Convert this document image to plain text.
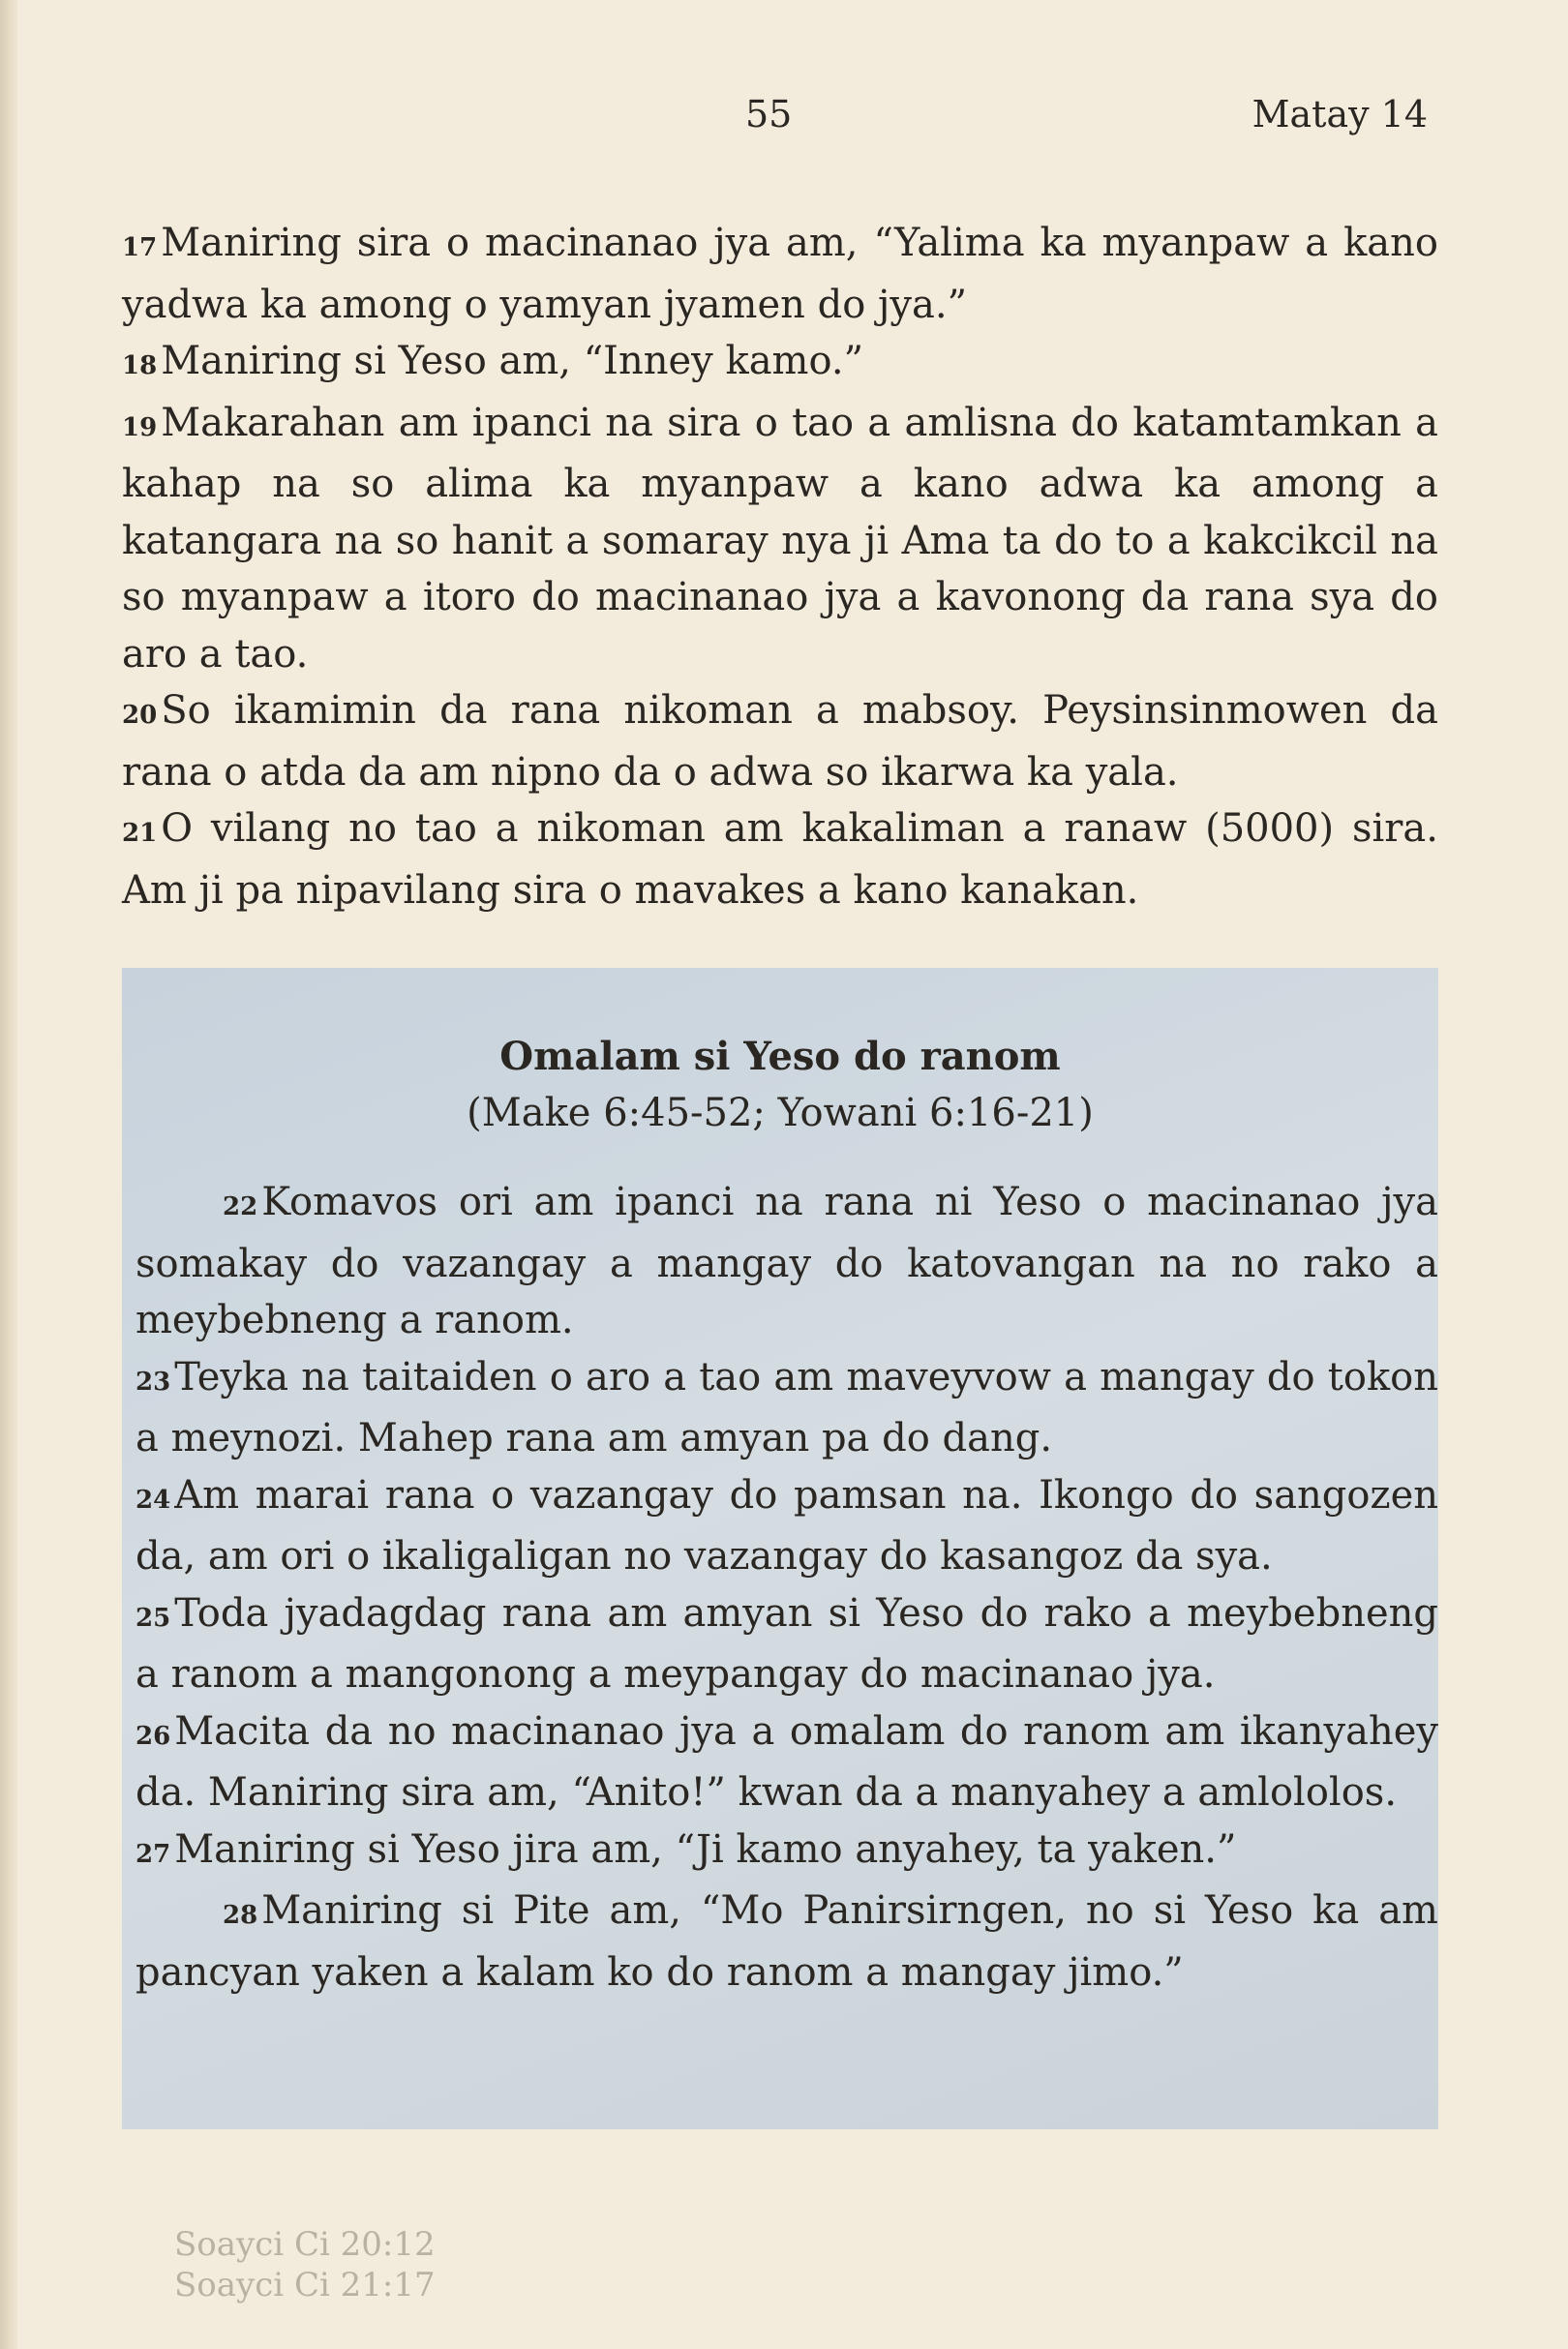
55	Matay 14

17 Maniring sira o macinanao jya am, “Yalima ka myanpaw a kano yadwa ka among o yamyan jyamen do jya.”

18 Maniring si Yeso am, “Inney kamo.”

19 Makarahan am ipanci na sira o tao a amlisna do katamtamkan a kahap na so alima ka myanpaw a kano adwa ka among a katangara na so hanit a somaray nya ji Ama ta do to a kakcikcil na so myanpaw a itoro do macinanao jya a kavonong da rana sya do aro a tao.

20 So ikamimin da rana nikoman a mabsoy. Peysinsinmowen da rana o atda da am nipno da o adwa so ikarwa ka yala.

21 O vilang no tao a nikoman am kakaliman a ranaw (5000) sira. Am ji pa nipavilang sira o mavakes a kano kanakan.

Omalam si Yeso do ranom
(Make 6:45-52; Yowani 6:16-21)

22 Komavos ori am ipanci na rana ni Yeso o macinanao jya somakay do vazangay a mangay do katovangan na no rako a meybebneng a ranom.

23 Teyka na taitaiden o aro a tao am maveyvow a mangay do tokon a meynozi. Mahep rana am amyan pa do dang.

24 Am marai rana o vazangay do pamsan na. Ikongo do sangozen da, am ori o ikaligaligan no vazangay do kasangoz da sya.

25 Toda jyadagdag rana am amyan si Yeso do rako a meybebneng a ranom a mangonong a meypangay do macinanao jya.

26 Macita da no macinanao jya a omalam do ranom am ikanyahey da. Maniring sira am, “Anito!” kwan da a manyahey a amlololos.

27 Maniring si Yeso jira am, “Ji kamo anyahey, ta yaken.”

28 Maniring si Pite am, “Mo Panirsirngen, no si Yeso ka am pancyan yaken a kalam ko do ranom a mangay jimo.”

Soayci Ci 20:12
Soayci Ci 21:17
